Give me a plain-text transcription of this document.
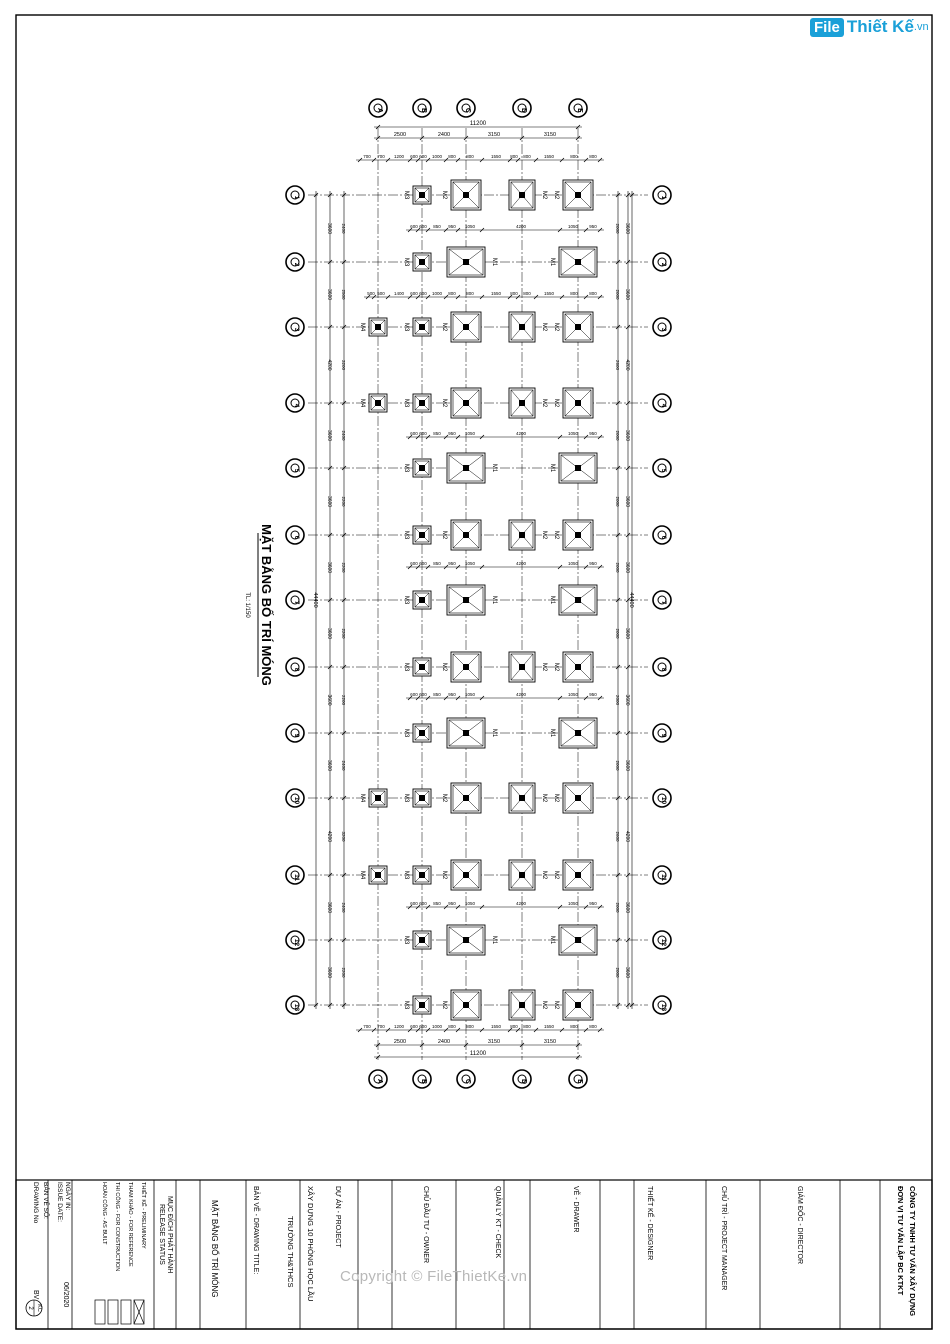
M3	M2	M2 M2
M3	M1	M1
M3	M2	M2 M2
M4
M3	M2	M2 M2
M4
M3	M1	M1
M3	M2	M2 M2
M3	M1	M1
M3	M2	M2 M2
M3	M1	M1
M3	M2	M2 M2
M4
M3	M2	M2 M2
M4
M3	M1	M1
M3	M2	M2 M2
A	B	C	D	E
A	B	C	D	E
1
2
3
4
5
6
7
8
9
10
11
12
13
1
2
3
4
5
6
7
8
9
10
11
12
13
11200
2500	2400	3150	3150
700 700 1200 600 600 1000 800 800	1550 800 800	1550	800	800
11200
2500	2400	3150	3150
700 700 1200 600 600 1000 800 800	1550 800 800	1550	800	800
600 600 850 950 1050	4200	1050 950
600 600 850 950 1050	4200	1050 950
600 600 850 950 1050	4200	1050 950
600 600 850 950 1050	4200	1050 950
600 600 850 950 1050	4200	1050 950
500 500 1400 600 600 1000 800 800	1550 800 800	1550	800	800
44400
3600
3600
4200
3600
3600
3600
3600
3600
3600
4200
3600
3600
2400
2500
3200
2400
2200
2200
2200
2200
2400
3200
2400
2200
44400
3600
3600
4200
3600
3600
3600
3600
3600
3600
4200
3600
3600
2000
2000
2600
2000
2000
2000
2000
2000
2000
2600
2000
2000
MẶT BẰNG BỐ TRÍ MÓNG
TL: 1/150
ĐƠN VỊ TƯ VẤN LẬP BC KTKT CÔNG TY TNHH TƯ VẤN XÂY DỰNG
GIÁM ĐỐC - DIRECTOR
CHỦ TRÌ - PROJECT MANAGER
THIẾT KẾ - DESIGNER
VẼ - DRAWER
QUẢN LÝ KT - CHECK
CHỦ ĐẦU TƯ - OWNER
DỰ ÁN - PROJECT
XÂY DỰNG 10 PHÒNG HỌC LẦU
TRƯỜNG TH&THCS
BẢN VẼ - DRAWING TITLE:
MẶT BẰNG BỐ TRÍ MÓNG
MỤC ĐÍCH PHÁT HÀNH
RELEASE STATUS
THIẾT KẾ - PRELIMINARY
THAM KHẢO - FOR REFERENCE
THI CÔNG - FOR CONSTRUCTION
HOÀN CÔNG - AS BUILT
NGÀY IN:
ISSUE DATE:
06/2020
BẢN VẼ SỐ:
DRAWING No
BV
KC
2
File Thiết Kế .vn
Copyright © FileThietKe.vn
